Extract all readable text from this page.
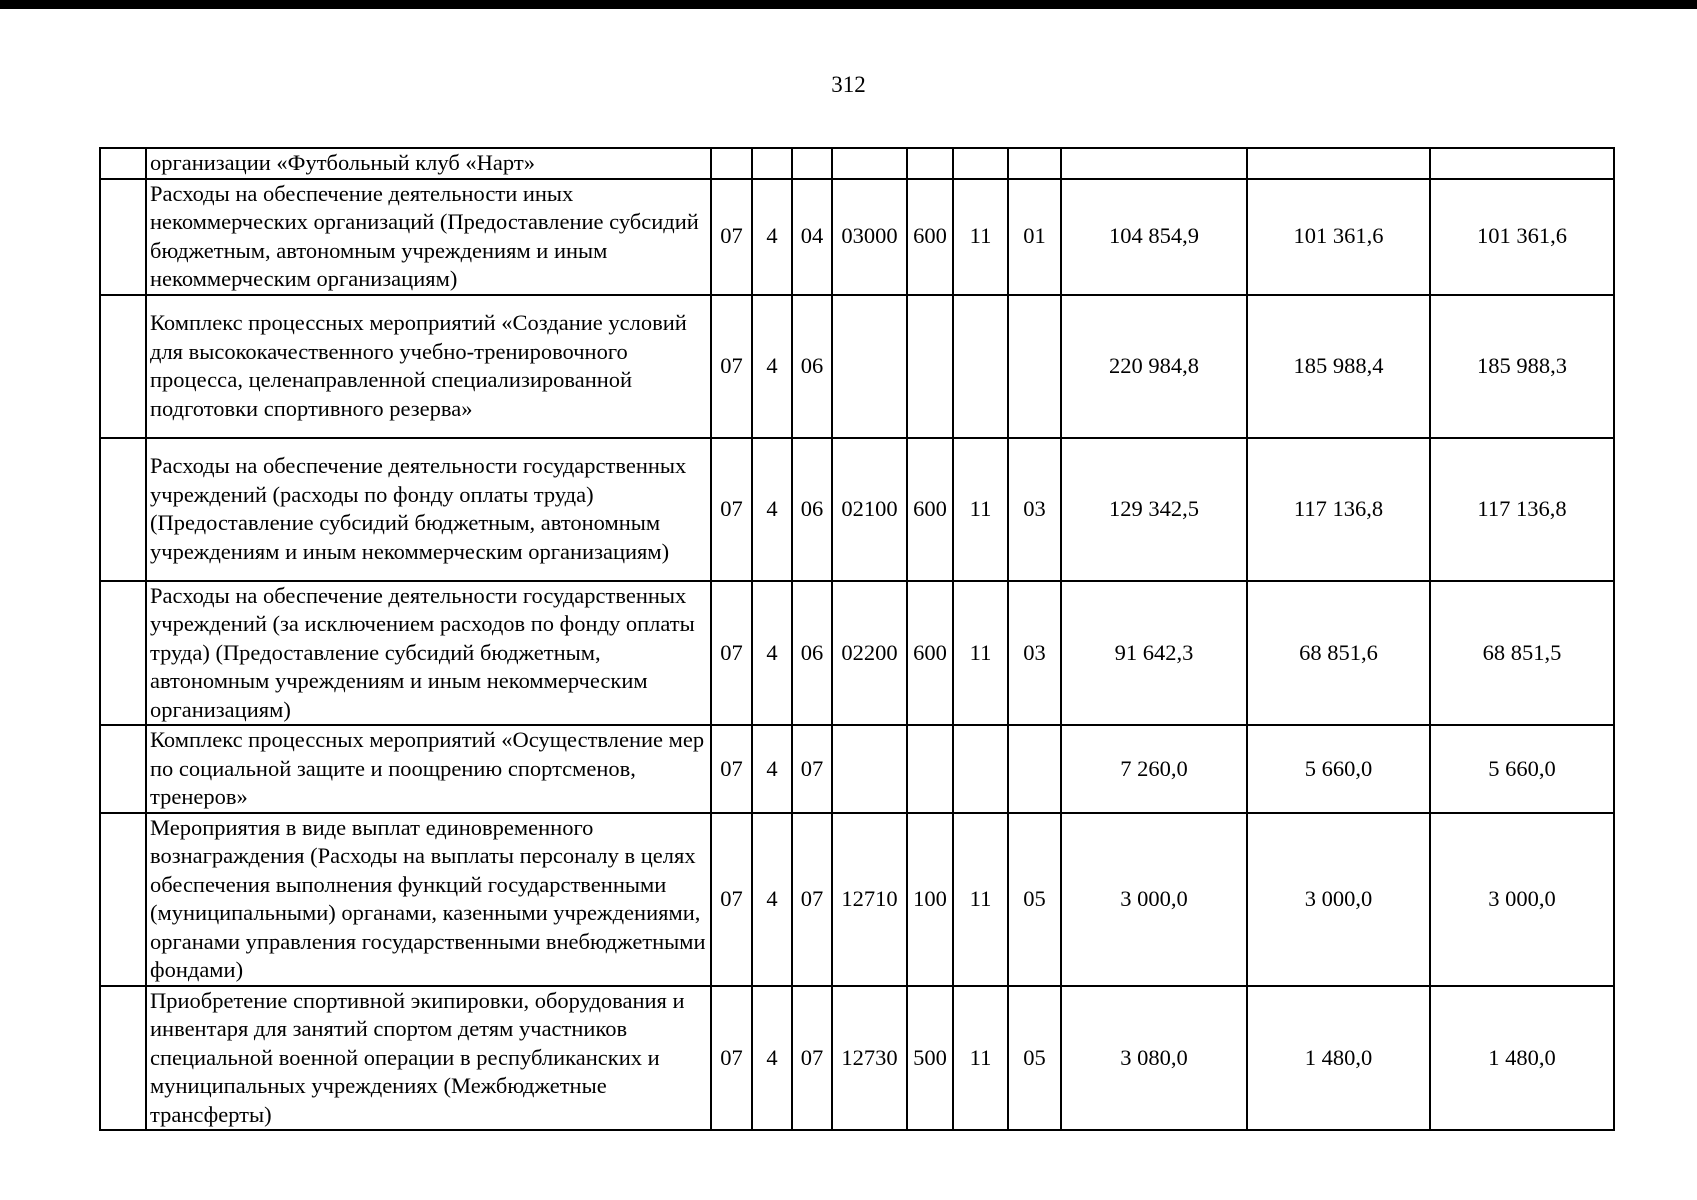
312
	организации «Футбольный клуб «Нарт»										
	Расходы на обеспечение деятельности иных некоммерческих организаций (Предоставление субсидий бюджетным, автономным учреждениям и иным некоммерческим организациям)	07	4	04	03000	600	11	01	104 854,9	101 361,6	101 361,6
	Комплекс процессных мероприятий «Создание условий для высококачественного учебно-тренировочного процесса, целенаправленной специализированной подготовки спортивного резерва»	07	4	06					220 984,8	185 988,4	185 988,3
	Расходы на обеспечение деятельности государственных учреждений (расходы по фонду оплаты труда) (Предоставление субсидий бюджетным, автономным учреждениям и иным некоммерческим организациям)	07	4	06	02100	600	11	03	129 342,5	117 136,8	117 136,8
	Расходы на обеспечение деятельности государственных учреждений (за исключением расходов по фонду оплаты труда) (Предоставление субсидий бюджетным, автономным учреждениям и иным некоммерческим организациям)	07	4	06	02200	600	11	03	91 642,3	68 851,6	68 851,5
	Комплекс процессных мероприятий «Осуществление мер по социальной защите и поощрению спортсменов, тренеров»	07	4	07					7 260,0	5 660,0	5 660,0
	Мероприятия в виде выплат единовременного вознаграждения (Расходы на выплаты персоналу в целях обеспечения выполнения функций государственными (муниципальными) органами, казенными учреждениями, органами управления государственными внебюджетными фондами)	07	4	07	12710	100	11	05	3 000,0	3 000,0	3 000,0
	Приобретение спортивной экипировки, оборудования и инвентаря для занятий спортом детям участников специальной военной операции в республиканских и муниципальных учреждениях (Межбюджетные трансферты)	07	4	07	12730	500	11	05	3 080,0	1 480,0	1 480,0
